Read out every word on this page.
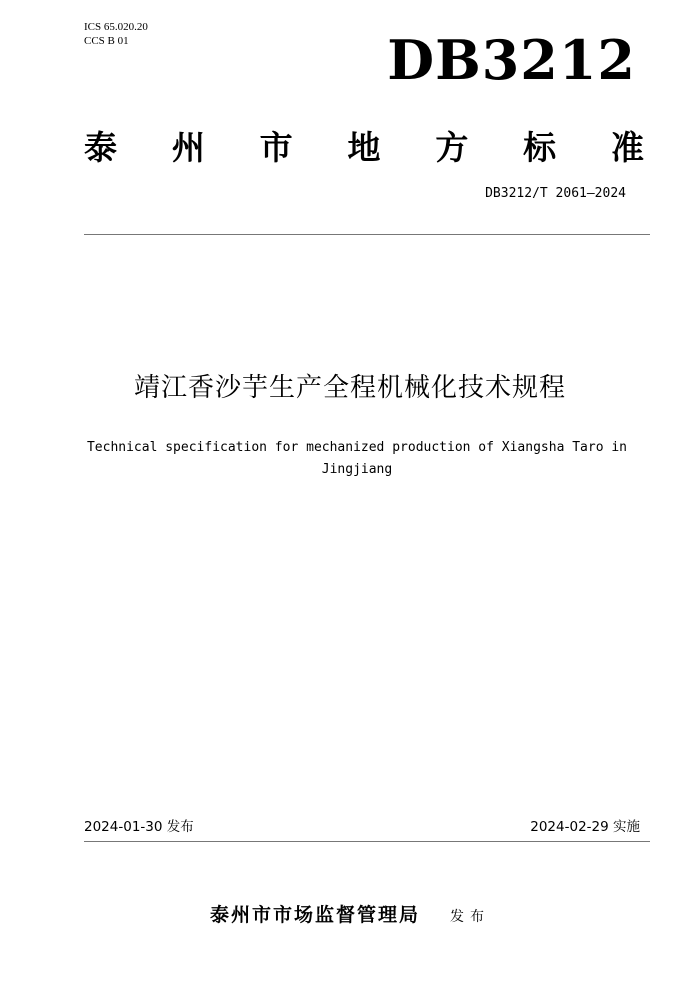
ICS 65.020.20
CCS B 01	DB3212
泰 州 市 地 方 标 准
DB3212/T 2061—2024
靖江香沙芋生产全程机械化技术规程
Technical specification for mechanized production of Xiangsha Taro in Jingjiang
2024-01-30 发布	2024-02-29 实施
泰州市市场监督管理局 发布
